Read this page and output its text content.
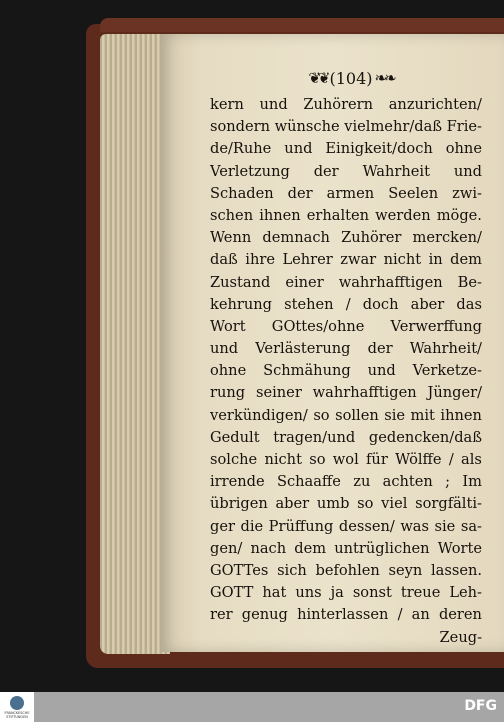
❦❦ (104) ❧❧
kern und Zuhörern anzurichten/
sondern wünsche vielmehr/daß Frie-
de/Ruhe und Einigkeit/doch ohne
Verletzung der Wahrheit und
Schaden der armen Seelen zwi-
schen ihnen erhalten werden möge.
Wenn demnach Zuhörer mercken/
daß ihre Lehrer zwar nicht in dem
Zustand einer wahrhafftigen Be-
kehrung stehen / doch aber das
Wort GOttes/ohne Verwerffung
und Verlästerung der Wahrheit/
ohne Schmähung und Verketze-
rung seiner wahrhafftigen Jünger/
verkündigen/ so sollen sie mit ihnen
Gedult tragen/und gedencken/daß
solche nicht so wol für Wölffe / als
irrende Schaaffe zu achten ; Im
übrigen aber umb so viel sorgfälti-
ger die Prüffung dessen/ was sie sa-
gen/ nach dem untrüglichen Worte
GOTTes sich befohlen seyn lassen.
GOTT hat uns ja sonst treue Leh-
rer genug hinterlassen / an deren
Zeug-
FRANCKESCHE STIFTUNGEN
DFG
